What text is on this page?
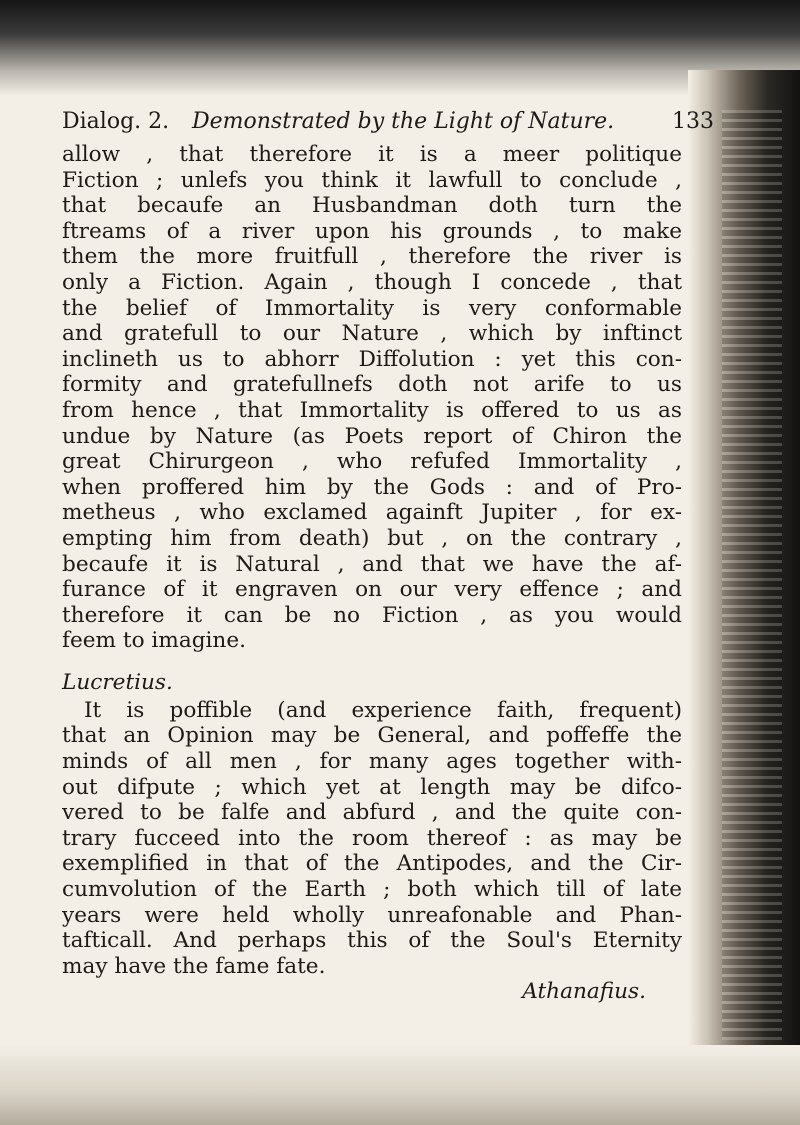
Dialog. 2. Demonstrated by the Light of Nature.	133
allow , that therefore it is a meer politique
Fiction ; unlefs you think it lawfull to conclude ,
that becaufe an Husbandman doth turn the
ftreams of a river upon his grounds , to make
them the more fruitfull , therefore the river is
only a Fiction. Again , though I concede , that
the belief of Immortality is very conformable
and gratefull to our Nature , which by inftinct
inclineth us to abhorr Diffolution : yet this con-
formity and gratefullnefs doth not arife to us
from hence , that Immortality is offered to us as
undue by Nature (as Poets report of Chiron the
great Chirurgeon , who refufed Immortality ,
when proffered him by the Gods : and of Pro-
metheus , who exclamed againft Jupiter , for ex-
empting him from death) but , on the contrary ,
becaufe it is Natural , and that we have the af-
furance of it engraven on our very effence ; and
therefore it can be no Fiction , as you would
feem to imagine.
Lucretius.
It is poffible (and experience faith, frequent)
that an Opinion may be General, and poffeffe the
minds of all men , for many ages together with-
out difpute ; which yet at length may be difco-
vered to be falfe and abfurd , and the quite con-
trary fucceed into the room thereof : as may be
exemplified in that of the Antipodes, and the Cir-
cumvolution of the Earth ; both which till of late
years were held wholly unreafonable and Phan-
tafticall. And perhaps this of the Soul's Eternity
may have the fame fate.
Athanafius.
